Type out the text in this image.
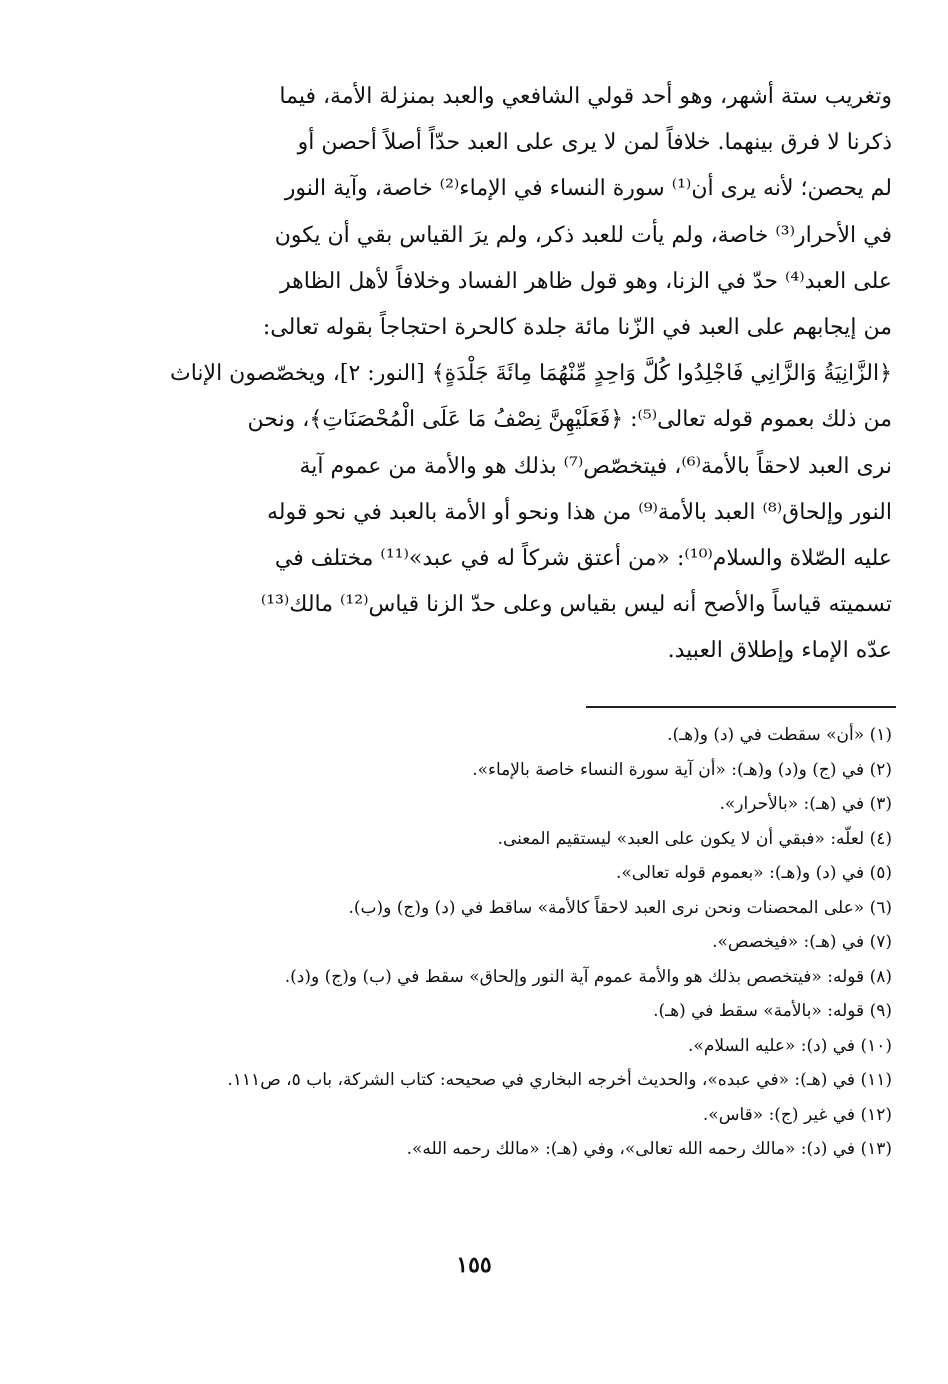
وتغريب ستة أشهر، وهو أحد قولي الشافعي والعبد بمنزلة الأمة، فيما
ذكرنا لا فرق بينهما. خلافاً لمن لا يرى على العبد حدّاً أصلاً أحصن أو
لم يحصن؛ لأنه يرى أن⁽¹⁾ سورة النساء في الإماء⁽²⁾ خاصة، وآية النور
في الأحرار⁽³⁾ خاصة، ولم يأت للعبد ذكر، ولم يرَ القياس بقي أن يكون
على العبد⁽⁴⁾ حدّ في الزنا، وهو قول ظاهر الفساد وخلافاً لأهل الظاهر
من إيجابهم على العبد في الزّنا مائة جلدة كالحرة احتجاجاً بقوله تعالى:
﴿الزَّانِيَةُ وَالزَّانِي فَاجْلِدُوا كُلَّ وَاحِدٍ مِّنْهُمَا مِائَةَ جَلْدَةٍ﴾ [النور: ٢]، ويخصّصون الإناث
من ذلك بعموم قوله تعالى⁽⁵⁾: ﴿فَعَلَيْهِنَّ نِصْفُ مَا عَلَى الْمُحْصَنَاتِ﴾، ونحن
نرى العبد لاحقاً بالأمة⁽⁶⁾، فيتخصّص⁽⁷⁾ بذلك هو والأمة من عموم آية
النور وإلحاق⁽⁸⁾ العبد بالأمة⁽⁹⁾ من هذا ونحو أو الأمة بالعبد في نحو قوله
عليه الصّلاة والسلام⁽¹⁰⁾: «من أعتق شركاً له في عبد»⁽¹¹⁾ مختلف في
تسميته قياساً والأصح أنه ليس بقياس وعلى حدّ الزنا قياس⁽¹²⁾ مالك⁽¹³⁾
عدّه الإماء وإطلاق العبيد.
(١) «أن» سقطت في (د) و(هـ).
(٢) في (ج) و(د) و(هـ): «أن آية سورة النساء خاصة بالإماء».
(٣) في (هـ): «بالأحرار».
(٤) لعلّه: «فبقي أن لا يكون على العبد» ليستقيم المعنى.
(٥) في (د) و(هـ): «بعموم قوله تعالى».
(٦) «على المحصنات ونحن نرى العبد لاحقاً كالأمة» ساقط في (د) و(ج) و(ب).
(٧) في (هـ): «فيخصص».
(٨) قوله: «فيتخصص بذلك هو والأمة عموم آية النور وإلحاق» سقط في (ب) و(ج) و(د).
(٩) قوله: «بالأمة» سقط في (هـ).
(١٠) في (د): «عليه السلام».
(١١) في (هـ): «في عبده»، والحديث أخرجه البخاري في صحيحه: كتاب الشركة، باب ٥، ص١١١.
(١٢) في غير (ج): «قاس».
(١٣) في (د): «مالك رحمه الله تعالى»، وفي (هـ): «مالك رحمه الله».
١٥٥
